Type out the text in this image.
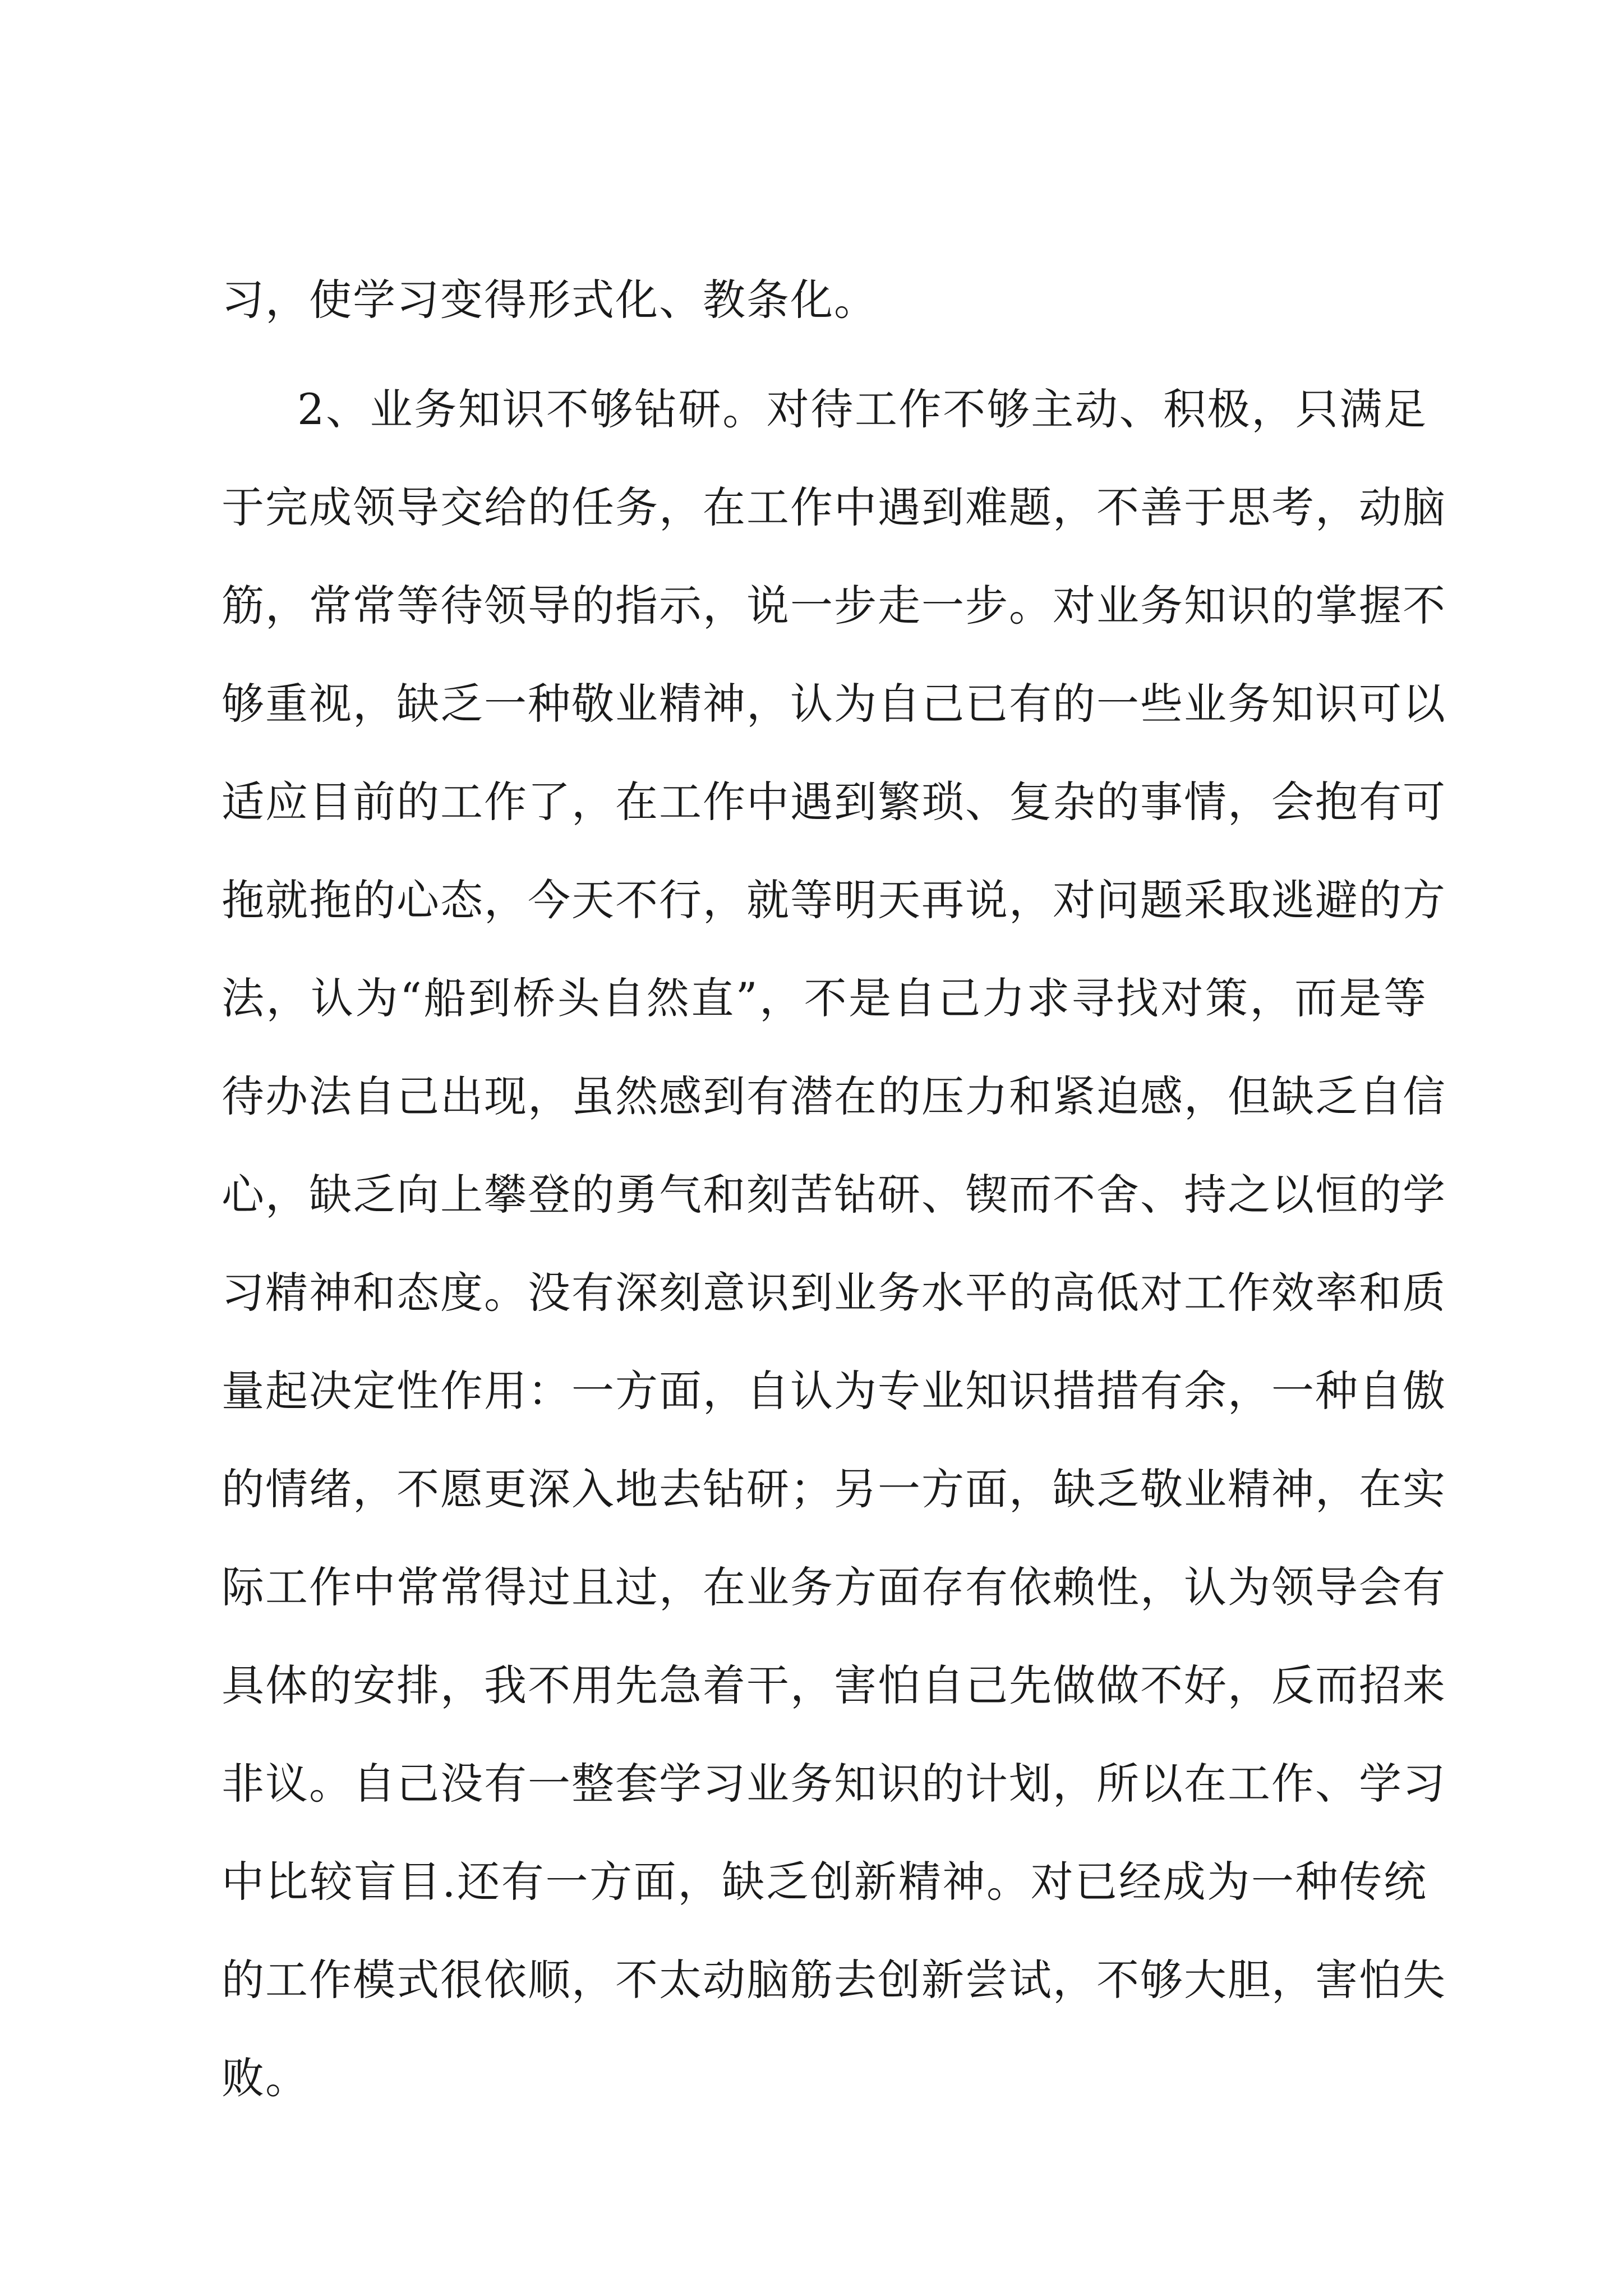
习，使学习变得形式化、教条化。
2、业务知识不够钻研。对待工作不够主动、积极，只满足
于完成领导交给的任务，在工作中遇到难题，不善于思考，动脑
筋，常常等待领导的指示，说一步走一步。对业务知识的掌握不
够重视，缺乏一种敬业精神，认为自己已有的一些业务知识可以
适应目前的工作了，在工作中遇到繁琐、复杂的事情，会抱有可
拖就拖的心态，今天不行，就等明天再说，对问题采取逃避的方
法，认为“船到桥头自然直”，不是自己力求寻找对策，而是等
待办法自己出现，虽然感到有潜在的压力和紧迫感，但缺乏自信
心，缺乏向上攀登的勇气和刻苦钻研、锲而不舍、持之以恒的学
习精神和态度。没有深刻意识到业务水平的高低对工作效率和质
量起决定性作用：一方面，自认为专业知识措措有余，一种自傲
的情绪，不愿更深入地去钻研；另一方面，缺乏敬业精神，在实
际工作中常常得过且过，在业务方面存有依赖性，认为领导会有
具体的安排，我不用先急着干，害怕自己先做做不好，反而招来
非议。自己没有一整套学习业务知识的计划，所以在工作、学习
中比较盲目.还有一方面，缺乏创新精神。对已经成为一种传统
的工作模式很依顺，不太动脑筋去创新尝试，不够大胆，害怕失
败。
